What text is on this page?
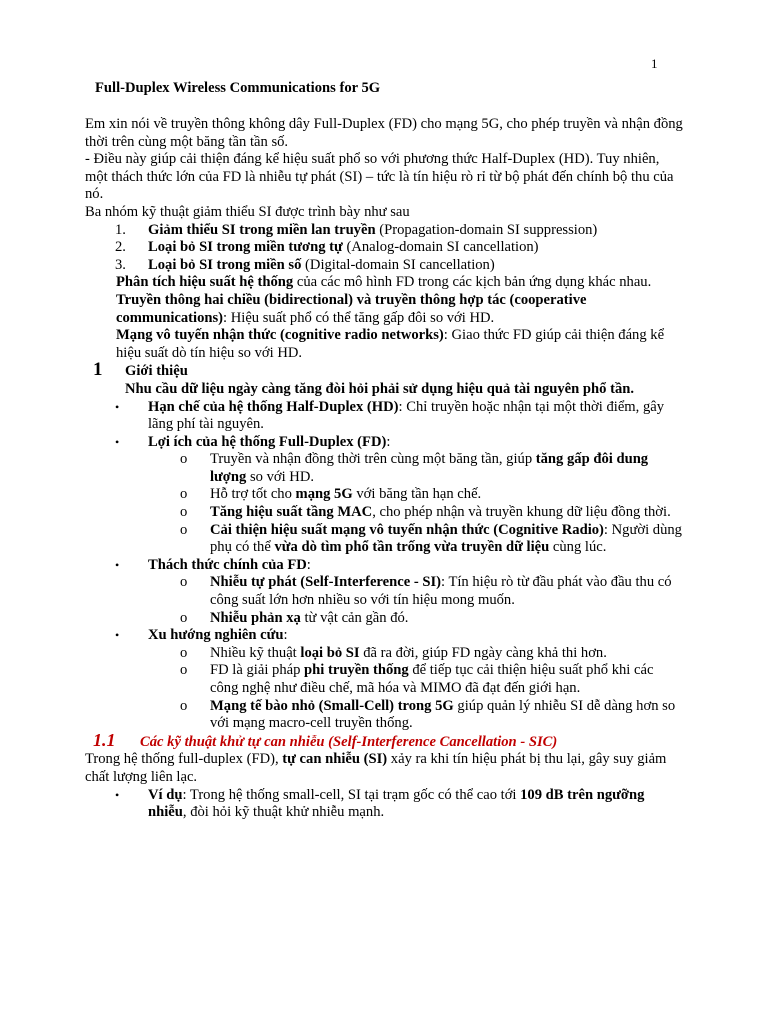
1
Full-Duplex Wireless Communications for 5G

Em xin nói về truyền thông không dây Full-Duplex (FD) cho mạng 5G, cho phép truyền và nhận đồng thời trên cùng một băng tần tần số.

- Điều này giúp cải thiện đáng kể hiệu suất phổ so với phương thức Half-Duplex (HD). Tuy nhiên, một thách thức lớn của FD là nhiễu tự phát (SI) – tức là tín hiệu rò rỉ từ bộ phát đến chính bộ thu của nó.

Ba nhóm kỹ thuật giảm thiểu SI được trình bày như sau

1. Giảm thiểu SI trong miền lan truyền (Propagation-domain SI suppression)
2. Loại bỏ SI trong miền tương tự (Analog-domain SI cancellation)
3. Loại bỏ SI trong miền số (Digital-domain SI cancellation)

Phân tích hiệu suất hệ thống của các mô hình FD trong các kịch bản ứng dụng khác nhau.

Truyền thông hai chiều (bidirectional) và truyền thông hợp tác (cooperative communications): Hiệu suất phổ có thể tăng gấp đôi so với HD.

Mạng vô tuyến nhận thức (cognitive radio networks): Giao thức FD giúp cải thiện đáng kể hiệu suất dò tín hiệu so với HD.

1 Giới thiệu
Nhu cầu dữ liệu ngày càng tăng đòi hỏi phải sử dụng hiệu quả tài nguyên phổ tần.
• Hạn chế của hệ thống Half-Duplex (HD): Chỉ truyền hoặc nhận tại một thời điểm, gây lãng phí tài nguyên.
• Lợi ích của hệ thống Full-Duplex (FD):
o Truyền và nhận đồng thời trên cùng một băng tần, giúp tăng gấp đôi dung lượng so với HD.
o Hỗ trợ tốt cho mạng 5G với băng tần hạn chế.
o Tăng hiệu suất tầng MAC, cho phép nhận và truyền khung dữ liệu đồng thời.
o Cải thiện hiệu suất mạng vô tuyến nhận thức (Cognitive Radio): Người dùng phụ có thể vừa dò tìm phổ tần trống vừa truyền dữ liệu cùng lúc.
• Thách thức chính của FD:
o Nhiễu tự phát (Self-Interference - SI): Tín hiệu rò từ đầu phát vào đầu thu có công suất lớn hơn nhiều so với tín hiệu mong muốn.
o Nhiễu phản xạ từ vật cản gần đó.
• Xu hướng nghiên cứu:
o Nhiều kỹ thuật loại bỏ SI đã ra đời, giúp FD ngày càng khả thi hơn.
o FD là giải pháp phi truyền thống để tiếp tục cải thiện hiệu suất phổ khi các công nghệ như điều chế, mã hóa và MIMO đã đạt đến giới hạn.
o Mạng tế bào nhỏ (Small-Cell) trong 5G giúp quản lý nhiễu SI dễ dàng hơn so với mạng macro-cell truyền thống.
1.1 Các kỹ thuật khử tự can nhiễu (Self-Interference Cancellation - SIC)

Trong hệ thống full-duplex (FD), tự can nhiễu (SI) xảy ra khi tín hiệu phát bị thu lại, gây suy giảm chất lượng liên lạc.

• Ví dụ: Trong hệ thống small-cell, SI tại trạm gốc có thể cao tới 109 dB trên ngưỡng nhiễu, đòi hỏi kỹ thuật khử nhiễu mạnh.
